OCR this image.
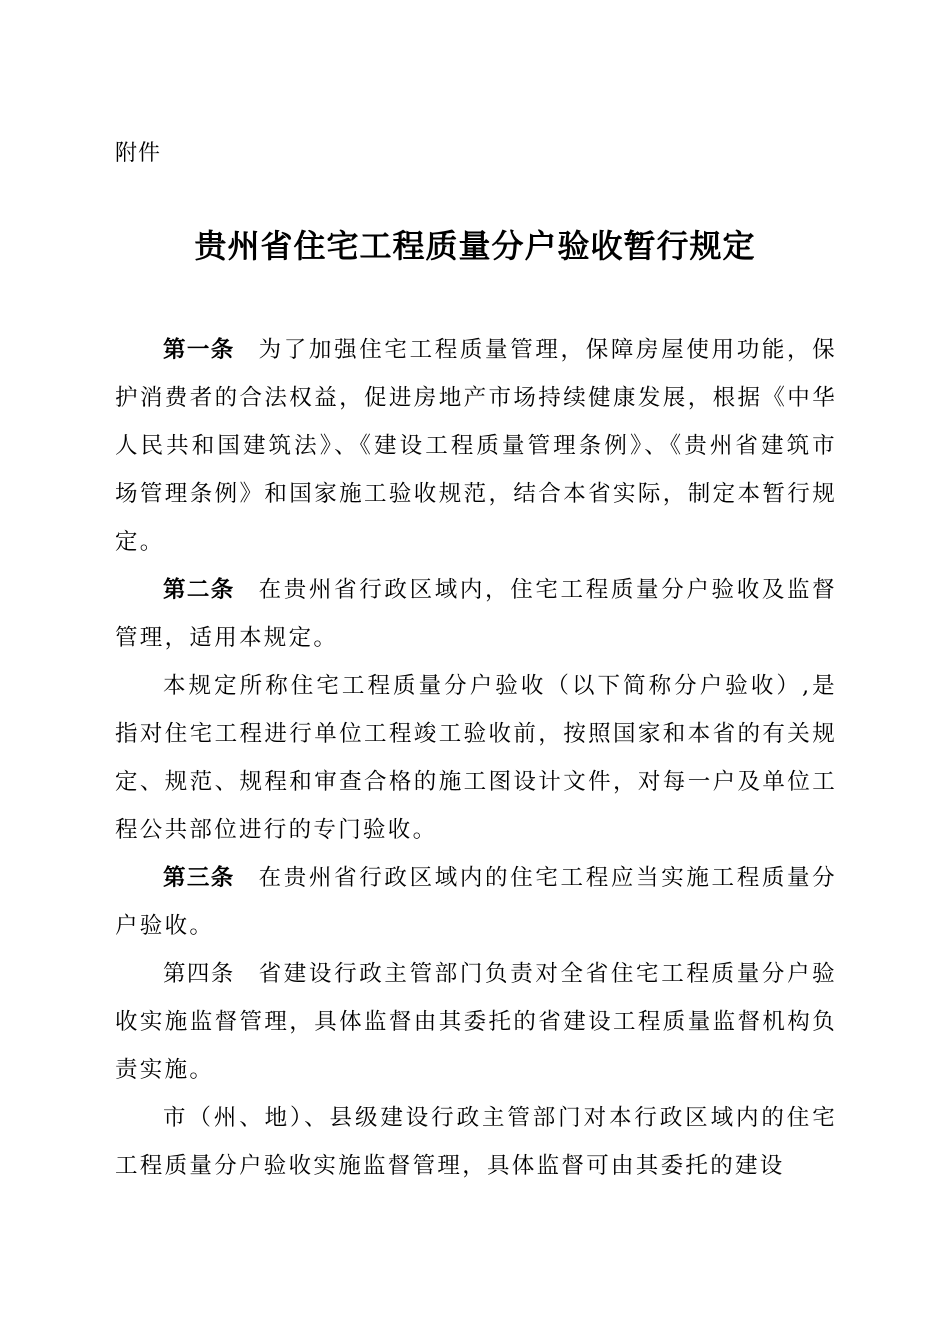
附件
贵州省住宅工程质量分户验收暂行规定

第一条 为了加强住宅工程质量管理，保障房屋使用功能，保护消费者的合法权益，促进房地产市场持续健康发展，根据《中华人民共和国建筑法》、《建设工程质量管理条例》、《贵州省建筑市场管理条例》和国家施工验收规范，结合本省实际，制定本暂行规定。

第二条 在贵州省行政区域内，住宅工程质量分户验收及监督管理，适用本规定。

本规定所称住宅工程质量分户验收（以下简称分户验收）,是指对住宅工程进行单位工程竣工验收前，按照国家和本省的有关规定、规范、规程和审查合格的施工图设计文件，对每一户及单位工程公共部位进行的专门验收。

第三条 在贵州省行政区域内的住宅工程应当实施工程质量分户验收。

第四条 省建设行政主管部门负责对全省住宅工程质量分户验收实施监督管理，具体监督由其委托的省建设工程质量监督机构负责实施。

市（州、地）、县级建设行政主管部门对本行政区域内的住宅工程质量分户验收实施监督管理，具体监督可由其委托的建设
